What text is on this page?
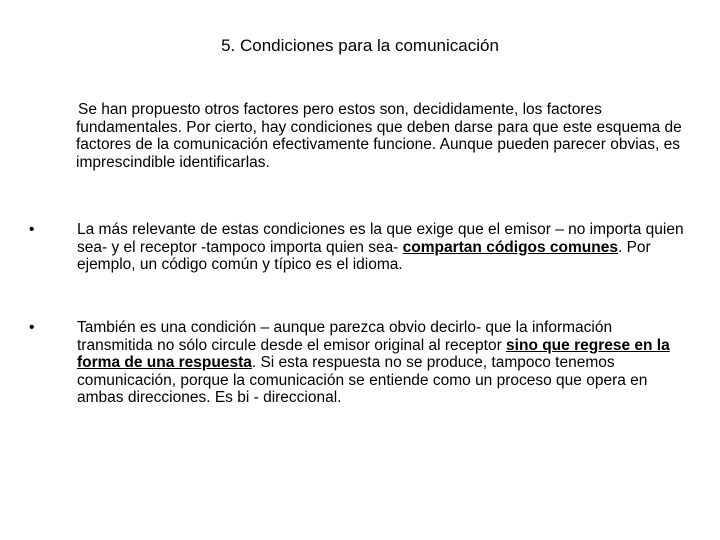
5. Condiciones para la comunicación
Se han propuesto otros factores pero estos son, decididamente, los factores fundamentales. Por cierto, hay condiciones que deben darse para que este esquema de factores de la comunicación efectivamente funcione. Aunque pueden parecer obvias, es imprescindible identificarlas.
•	La más relevante de estas condiciones es la que exige que el emisor – no importa quien sea- y el receptor -tampoco importa quien sea- compartan códigos comunes. Por ejemplo, un código común y típico es el idioma.
•	También es una condición – aunque parezca obvio decirlo- que la información transmitida no sólo circule desde el emisor original al receptor sino que regrese en la forma de una respuesta. Si esta respuesta no se produce, tampoco tenemos comunicación, porque la comunicación se entiende como un proceso que opera en ambas direcciones. Es bi - direccional.
